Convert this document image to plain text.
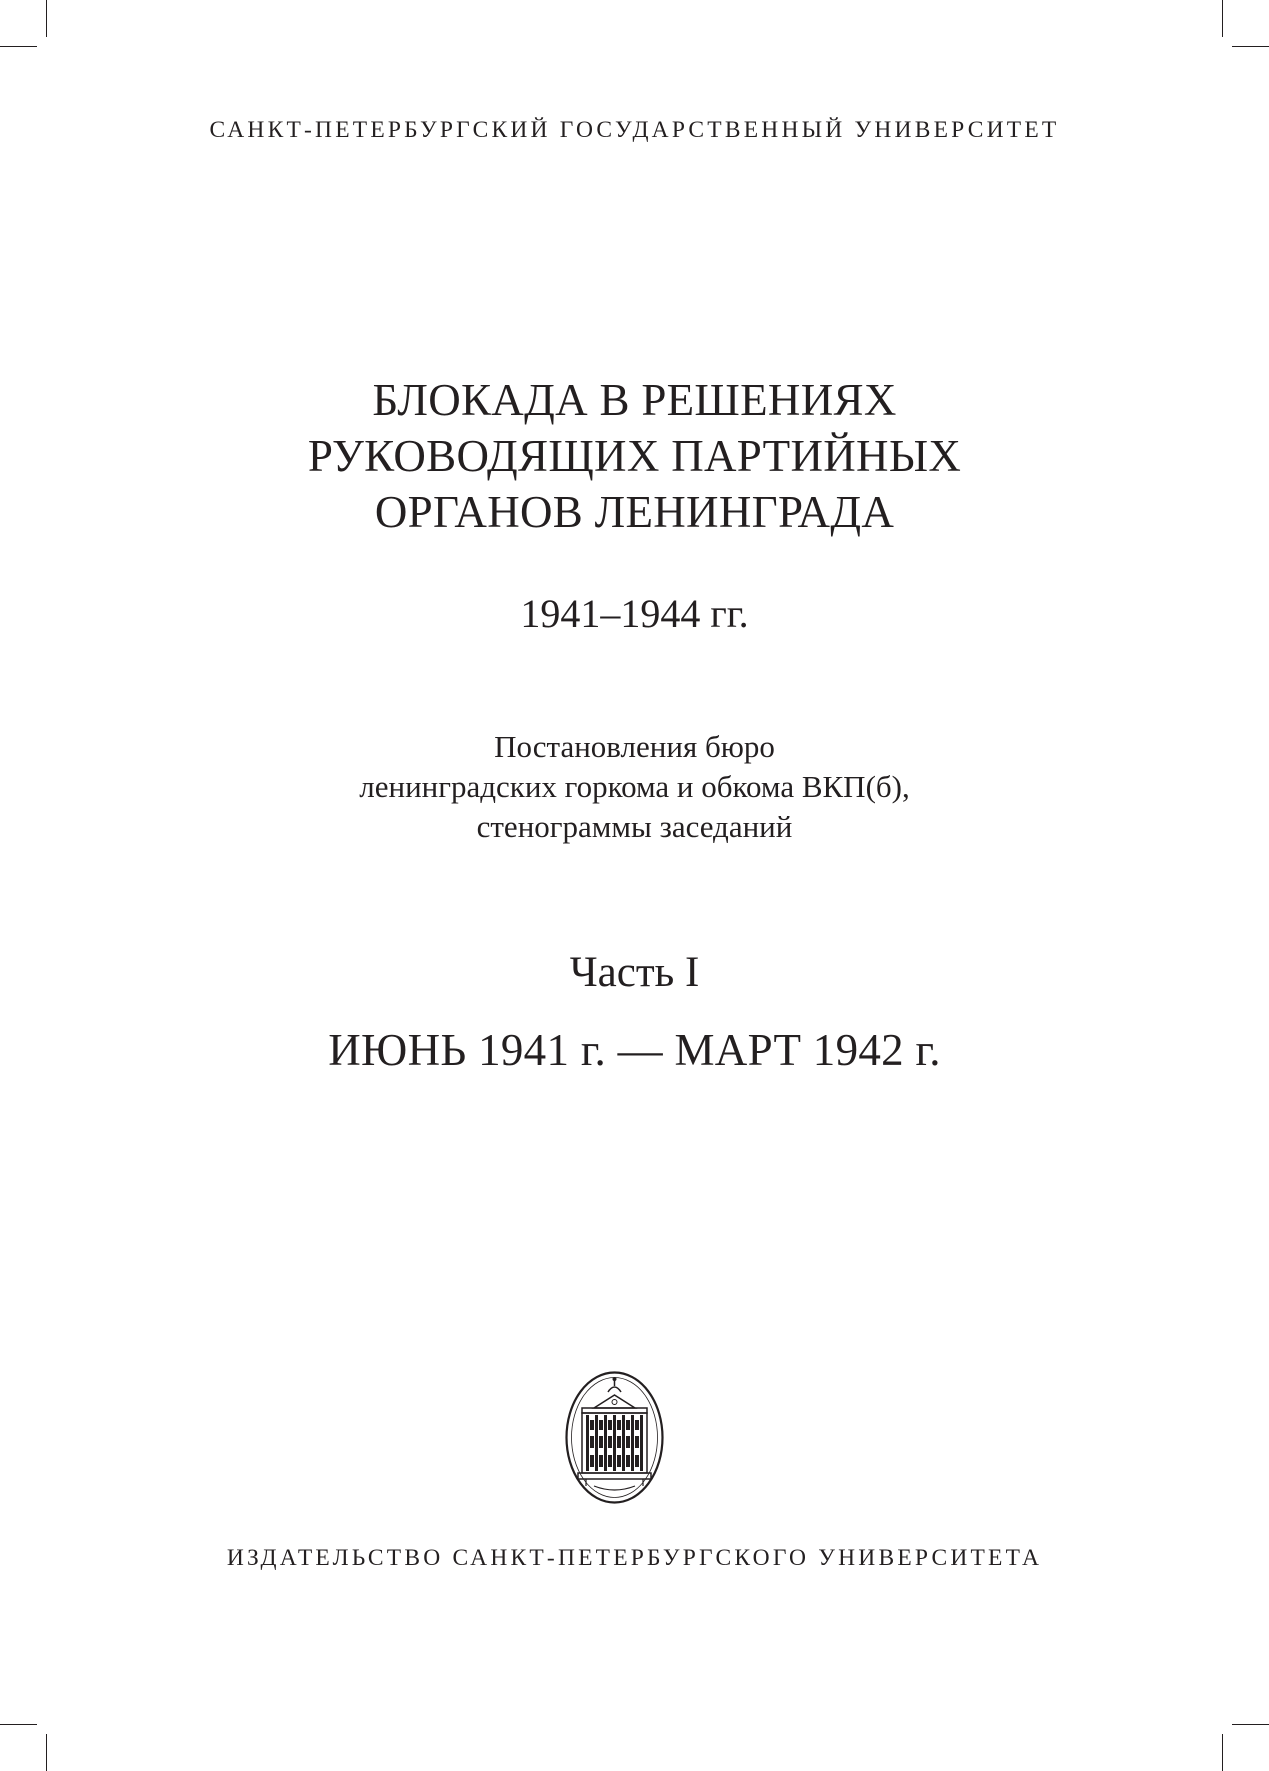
САНКТ-ПЕТЕРБУРГСКИЙ ГОСУДАРСТВЕННЫЙ УНИВЕРСИТЕТ
БЛОКАДА В РЕШЕНИЯХ
РУКОВОДЯЩИХ ПАРТИЙНЫХ
ОРГАНОВ ЛЕНИНГРАДА
1941–1944 гг.
Постановления бюро
ленинградских горкома и обкома ВКП(б),
стенограммы заседаний
Часть I
ИЮНЬ 1941 г. — МАРТ 1942 г.
ИЗДАТЕЛЬСТВО САНКТ-ПЕТЕРБУРГСКОГО УНИВЕРСИТЕТА
